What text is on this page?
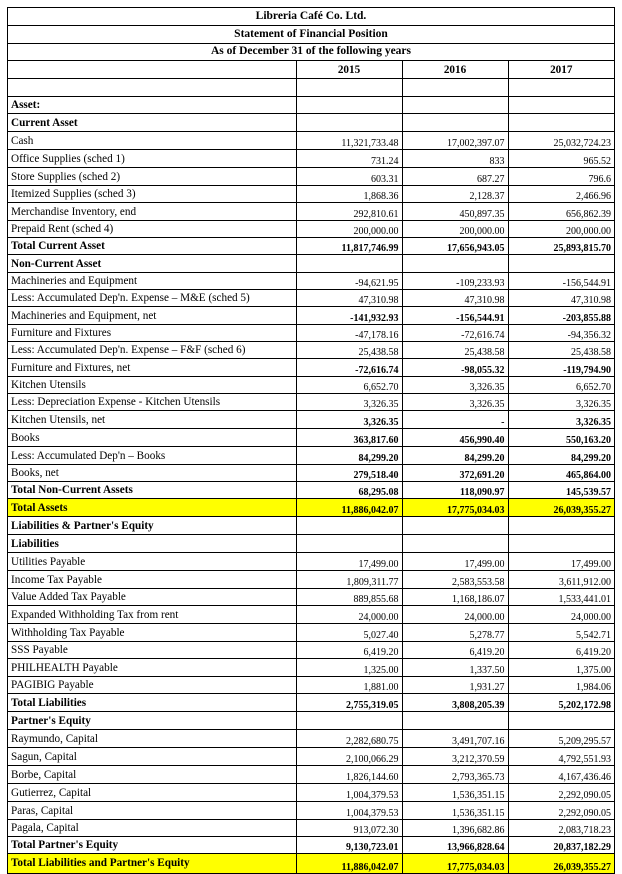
Libreria Café Co. Ltd.
Statement of Financial Position
As of December 31 of the following years
	2015	2016	2017

Asset:			
Current Asset			
Cash	11,321,733.48	17,002,397.07	25,032,724.23
Office Supplies (sched 1)	731.24	833	965.52
Store Supplies (sched 2)	603.31	687.27	796.6
Itemized Supplies (sched 3)	1,868.36	2,128.37	2,466.96
Merchandise Inventory, end	292,810.61	450,897.35	656,862.39
Prepaid Rent (sched 4)	200,000.00	200,000.00	200,000.00
Total Current Asset	11,817,746.99	17,656,943.05	25,893,815.70
Non-Current Asset			
Machineries and Equipment	-94,621.95	-109,233.93	-156,544.91
Less: Accumulated Dep'n. Expense – M&E (sched 5)	47,310.98	47,310.98	47,310.98
Machineries and Equipment, net	-141,932.93	-156,544.91	-203,855.88
Furniture and Fixtures	-47,178.16	-72,616.74	-94,356.32
Less: Accumulated Dep'n. Expense – F&F (sched 6)	25,438.58	25,438.58	25,438.58
Furniture and Fixtures, net	-72,616.74	-98,055.32	-119,794.90
Kitchen Utensils	6,652.70	3,326.35	6,652.70
Less: Depreciation Expense - Kitchen Utensils	3,326.35	3,326.35	3,326.35
Kitchen Utensils, net	3,326.35	-	3,326.35
Books	363,817.60	456,990.40	550,163.20
Less: Accumulated Dep'n – Books	84,299.20	84,299.20	84,299.20
Books, net	279,518.40	372,691.20	465,864.00
Total Non-Current Assets	68,295.08	118,090.97	145,539.57
Total Assets	11,886,042.07	17,775,034.03	26,039,355.27
Liabilities & Partner's Equity			
Liabilities			
Utilities Payable	17,499.00	17,499.00	17,499.00
Income Tax Payable	1,809,311.77	2,583,553.58	3,611,912.00
Value Added Tax Payable	889,855.68	1,168,186.07	1,533,441.01
Expanded Withholding Tax from rent	24,000.00	24,000.00	24,000.00
Withholding Tax Payable	5,027.40	5,278.77	5,542.71
SSS Payable	6,419.20	6,419.20	6,419.20
PHILHEALTH Payable	1,325.00	1,337.50	1,375.00
PAGIBIG Payable	1,881.00	1,931.27	1,984.06
Total Liabilities	2,755,319.05	3,808,205.39	5,202,172.98
Partner's Equity			
Raymundo, Capital	2,282,680.75	3,491,707.16	5,209,295.57
Sagun, Capital	2,100,066.29	3,212,370.59	4,792,551.93
Borbe, Capital	1,826,144.60	2,793,365.73	4,167,436.46
Gutierrez, Capital	1,004,379.53	1,536,351.15	2,292,090.05
Paras, Capital	1,004,379.53	1,536,351.15	2,292,090.05
Pagala, Capital	913,072.30	1,396,682.86	2,083,718.23
Total Partner's Equity	9,130,723.01	13,966,828.64	20,837,182.29
Total Liabilities and Partner's Equity	11,886,042.07	17,775,034.03	26,039,355.27
